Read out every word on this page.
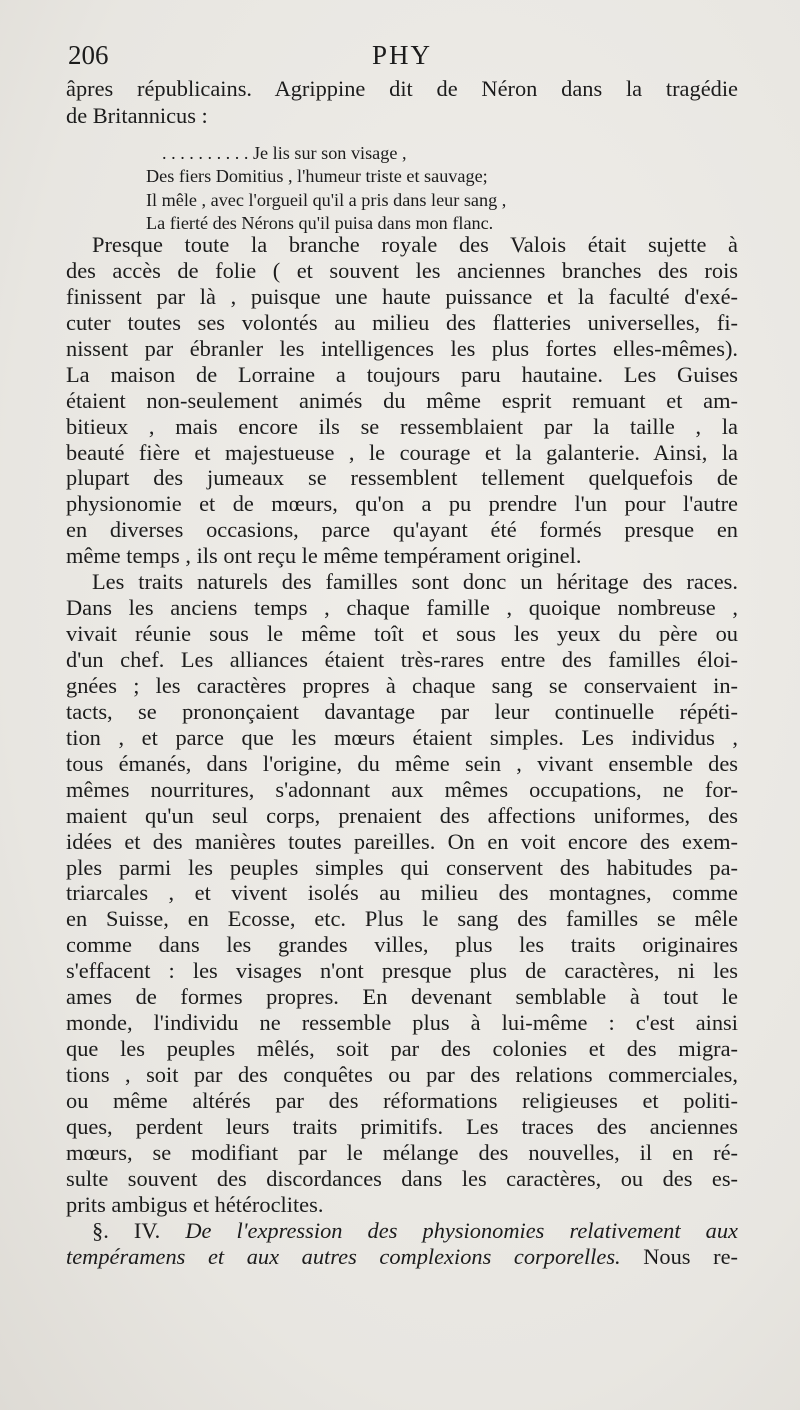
206	PHY
âpres républicains. Agrippine dit de Néron dans la tragédie
de Britannicus :
. . . . . . . . . . Je lis sur son visage ,
Des fiers Domitius , l'humeur triste et sauvage;
Il mêle , avec l'orgueil qu'il a pris dans leur sang ,
La fierté des Nérons qu'il puisa dans mon flanc.
Presque toute la branche royale des Valois était sujette à
des accès de folie ( et souvent les anciennes branches des rois
finissent par là , puisque une haute puissance et la faculté d'exé-
cuter toutes ses volontés au milieu des flatteries universelles, fi-
nissent par ébranler les intelligences les plus fortes elles-mêmes).
La maison de Lorraine a toujours paru hautaine. Les Guises
étaient non-seulement animés du même esprit remuant et am-
bitieux , mais encore ils se ressemblaient par la taille , la
beauté fière et majestueuse , le courage et la galanterie. Ainsi, la
plupart des jumeaux se ressemblent tellement quelquefois de
physionomie et de mœurs, qu'on a pu prendre l'un pour l'autre
en diverses occasions, parce qu'ayant été formés presque en
même temps , ils ont reçu le même tempérament originel.
Les traits naturels des familles sont donc un héritage des races.
Dans les anciens temps , chaque famille , quoique nombreuse ,
vivait réunie sous le même toît et sous les yeux du père ou
d'un chef. Les alliances étaient très-rares entre des familles éloi-
gnées ; les caractères propres à chaque sang se conservaient in-
tacts, se prononçaient davantage par leur continuelle répéti-
tion , et parce que les mœurs étaient simples. Les individus ,
tous émanés, dans l'origine, du même sein , vivant ensemble des
mêmes nourritures, s'adonnant aux mêmes occupations, ne for-
maient qu'un seul corps, prenaient des affections uniformes, des
idées et des manières toutes pareilles. On en voit encore des exem-
ples parmi les peuples simples qui conservent des habitudes pa-
triarcales , et vivent isolés au milieu des montagnes, comme
en Suisse, en Ecosse, etc. Plus le sang des familles se mêle
comme dans les grandes villes, plus les traits originaires
s'effacent : les visages n'ont presque plus de caractères, ni les
ames de formes propres. En devenant semblable à tout le
monde, l'individu ne ressemble plus à lui-même : c'est ainsi
que les peuples mêlés, soit par des colonies et des migra-
tions , soit par des conquêtes ou par des relations commerciales,
ou même altérés par des réformations religieuses et politi-
ques, perdent leurs traits primitifs. Les traces des anciennes
mœurs, se modifiant par le mélange des nouvelles, il en ré-
sulte souvent des discordances dans les caractères, ou des es-
prits ambigus et hétéroclites.
§. IV. De l'expression des physionomies relativement aux
tempéramens et aux autres complexions corporelles. Nous re-
